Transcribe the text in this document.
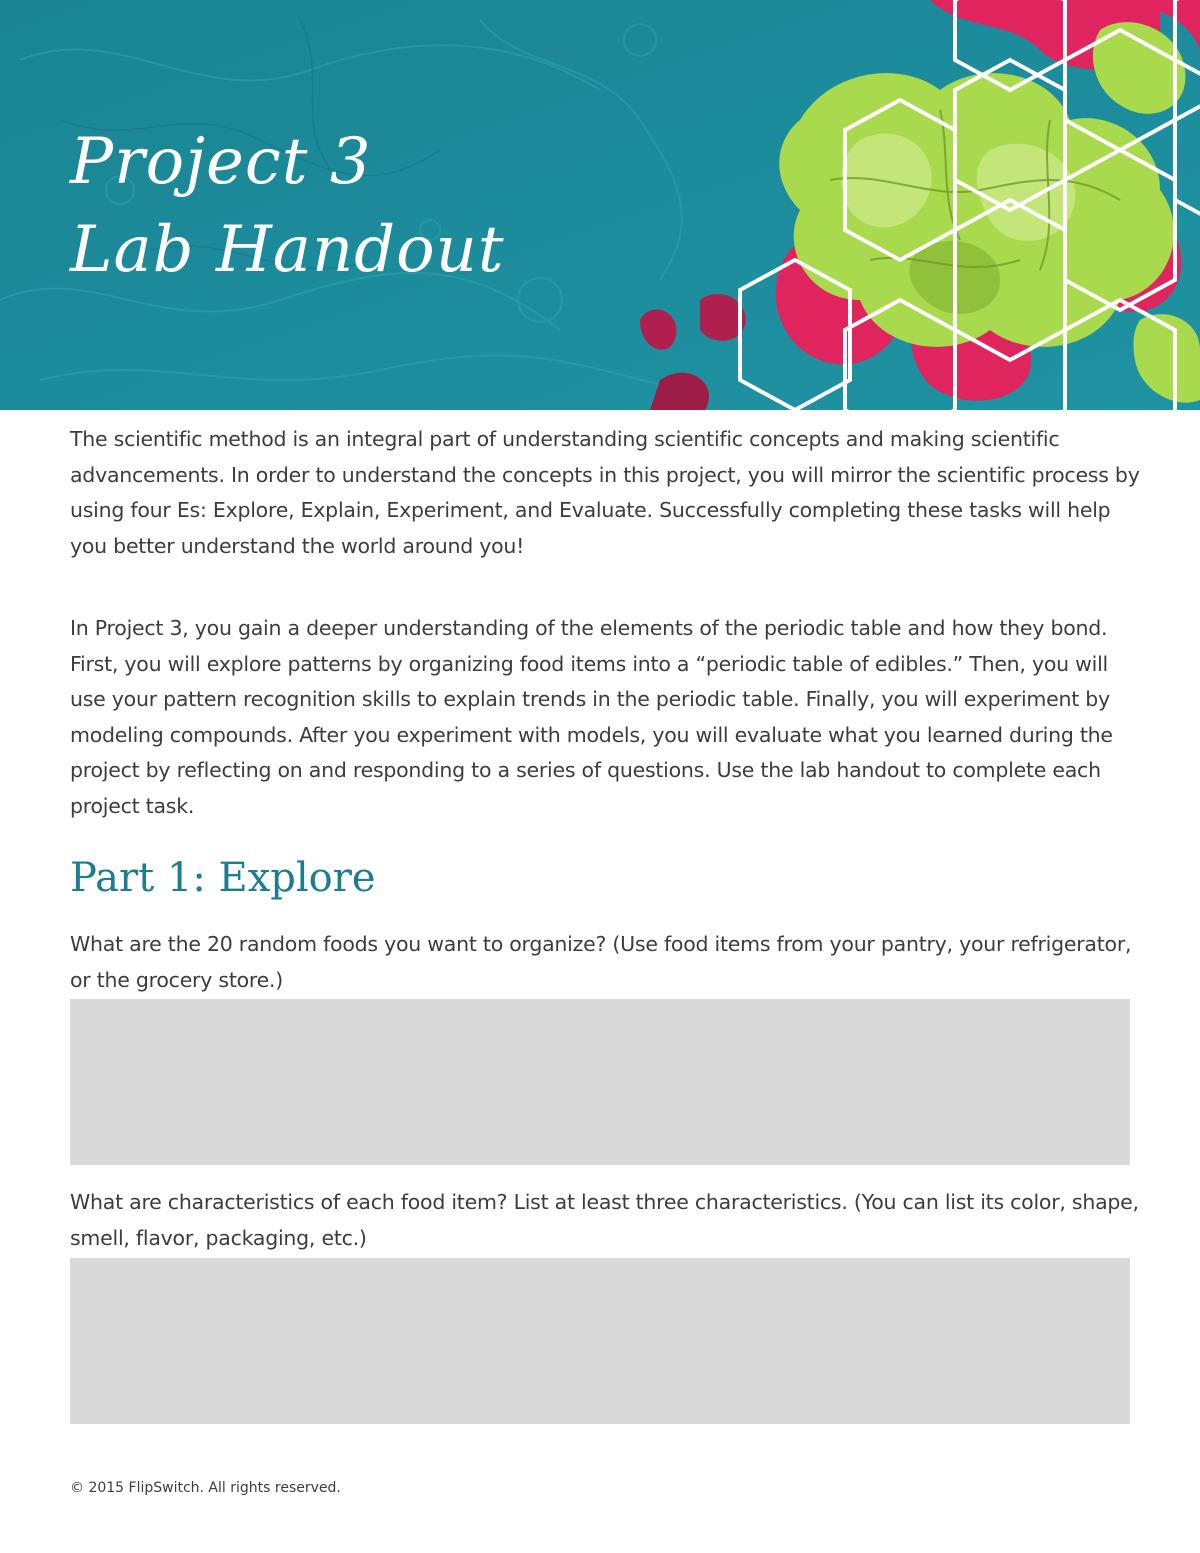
Project 3
Lab Handout

The scientific method is an integral part of understanding scientific concepts and making scientific advancements. In order to understand the concepts in this project, you will mirror the scientific process by using four Es: Explore, Explain, Experiment, and Evaluate. Successfully completing these tasks will help you better understand the world around you!

In Project 3, you gain a deeper understanding of the elements of the periodic table and how they bond. First, you will explore patterns by organizing food items into a “periodic table of edibles.” Then, you will use your pattern recognition skills to explain trends in the periodic table. Finally, you will experiment by modeling compounds. After you experiment with models, you will evaluate what you learned during the project by reflecting on and responding to a series of questions. Use the lab handout to complete each project task.

Part 1: Explore

What are the 20 random foods you want to organize? (Use food items from your pantry, your refrigerator, or the grocery store.)

What are characteristics of each food item? List at least three characteristics. (You can list its color, shape, smell, flavor, packaging, etc.)

© 2015 FlipSwitch. All rights reserved.
